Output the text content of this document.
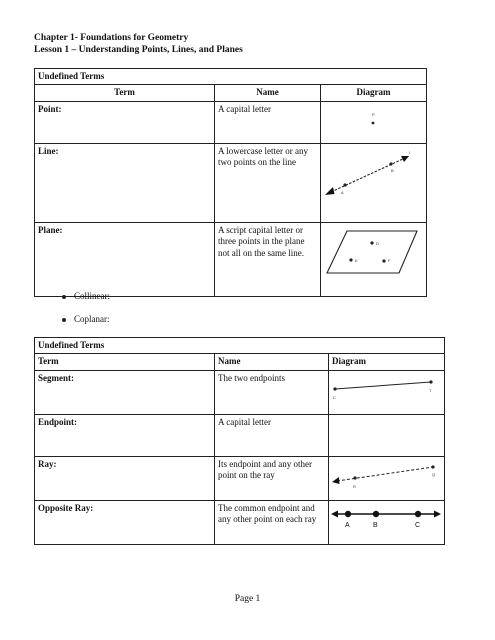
Chapter 1- Foundations for Geometry
Lesson 1 – Understanding Points, Lines, and Planes
Undefined Terms		
Term	Name	Diagram
Point:	A capital letter	P

Line:	A lowercase letter or any two points on the line	l
B
A

Plane:	A script capital letter or three points in the plane not all on the same line.	D
E F
Collinear:
Coplanar:
Undefined Terms		
Term	Name	Diagram
Segment:	The two endpoints	C
T

Endpoint:	A capital letter	
Ray:	Its endpoint and any other point on the ray	Q
R

Opposite Ray:	The common endpoint and any other point on each ray	A B C
Page 1
